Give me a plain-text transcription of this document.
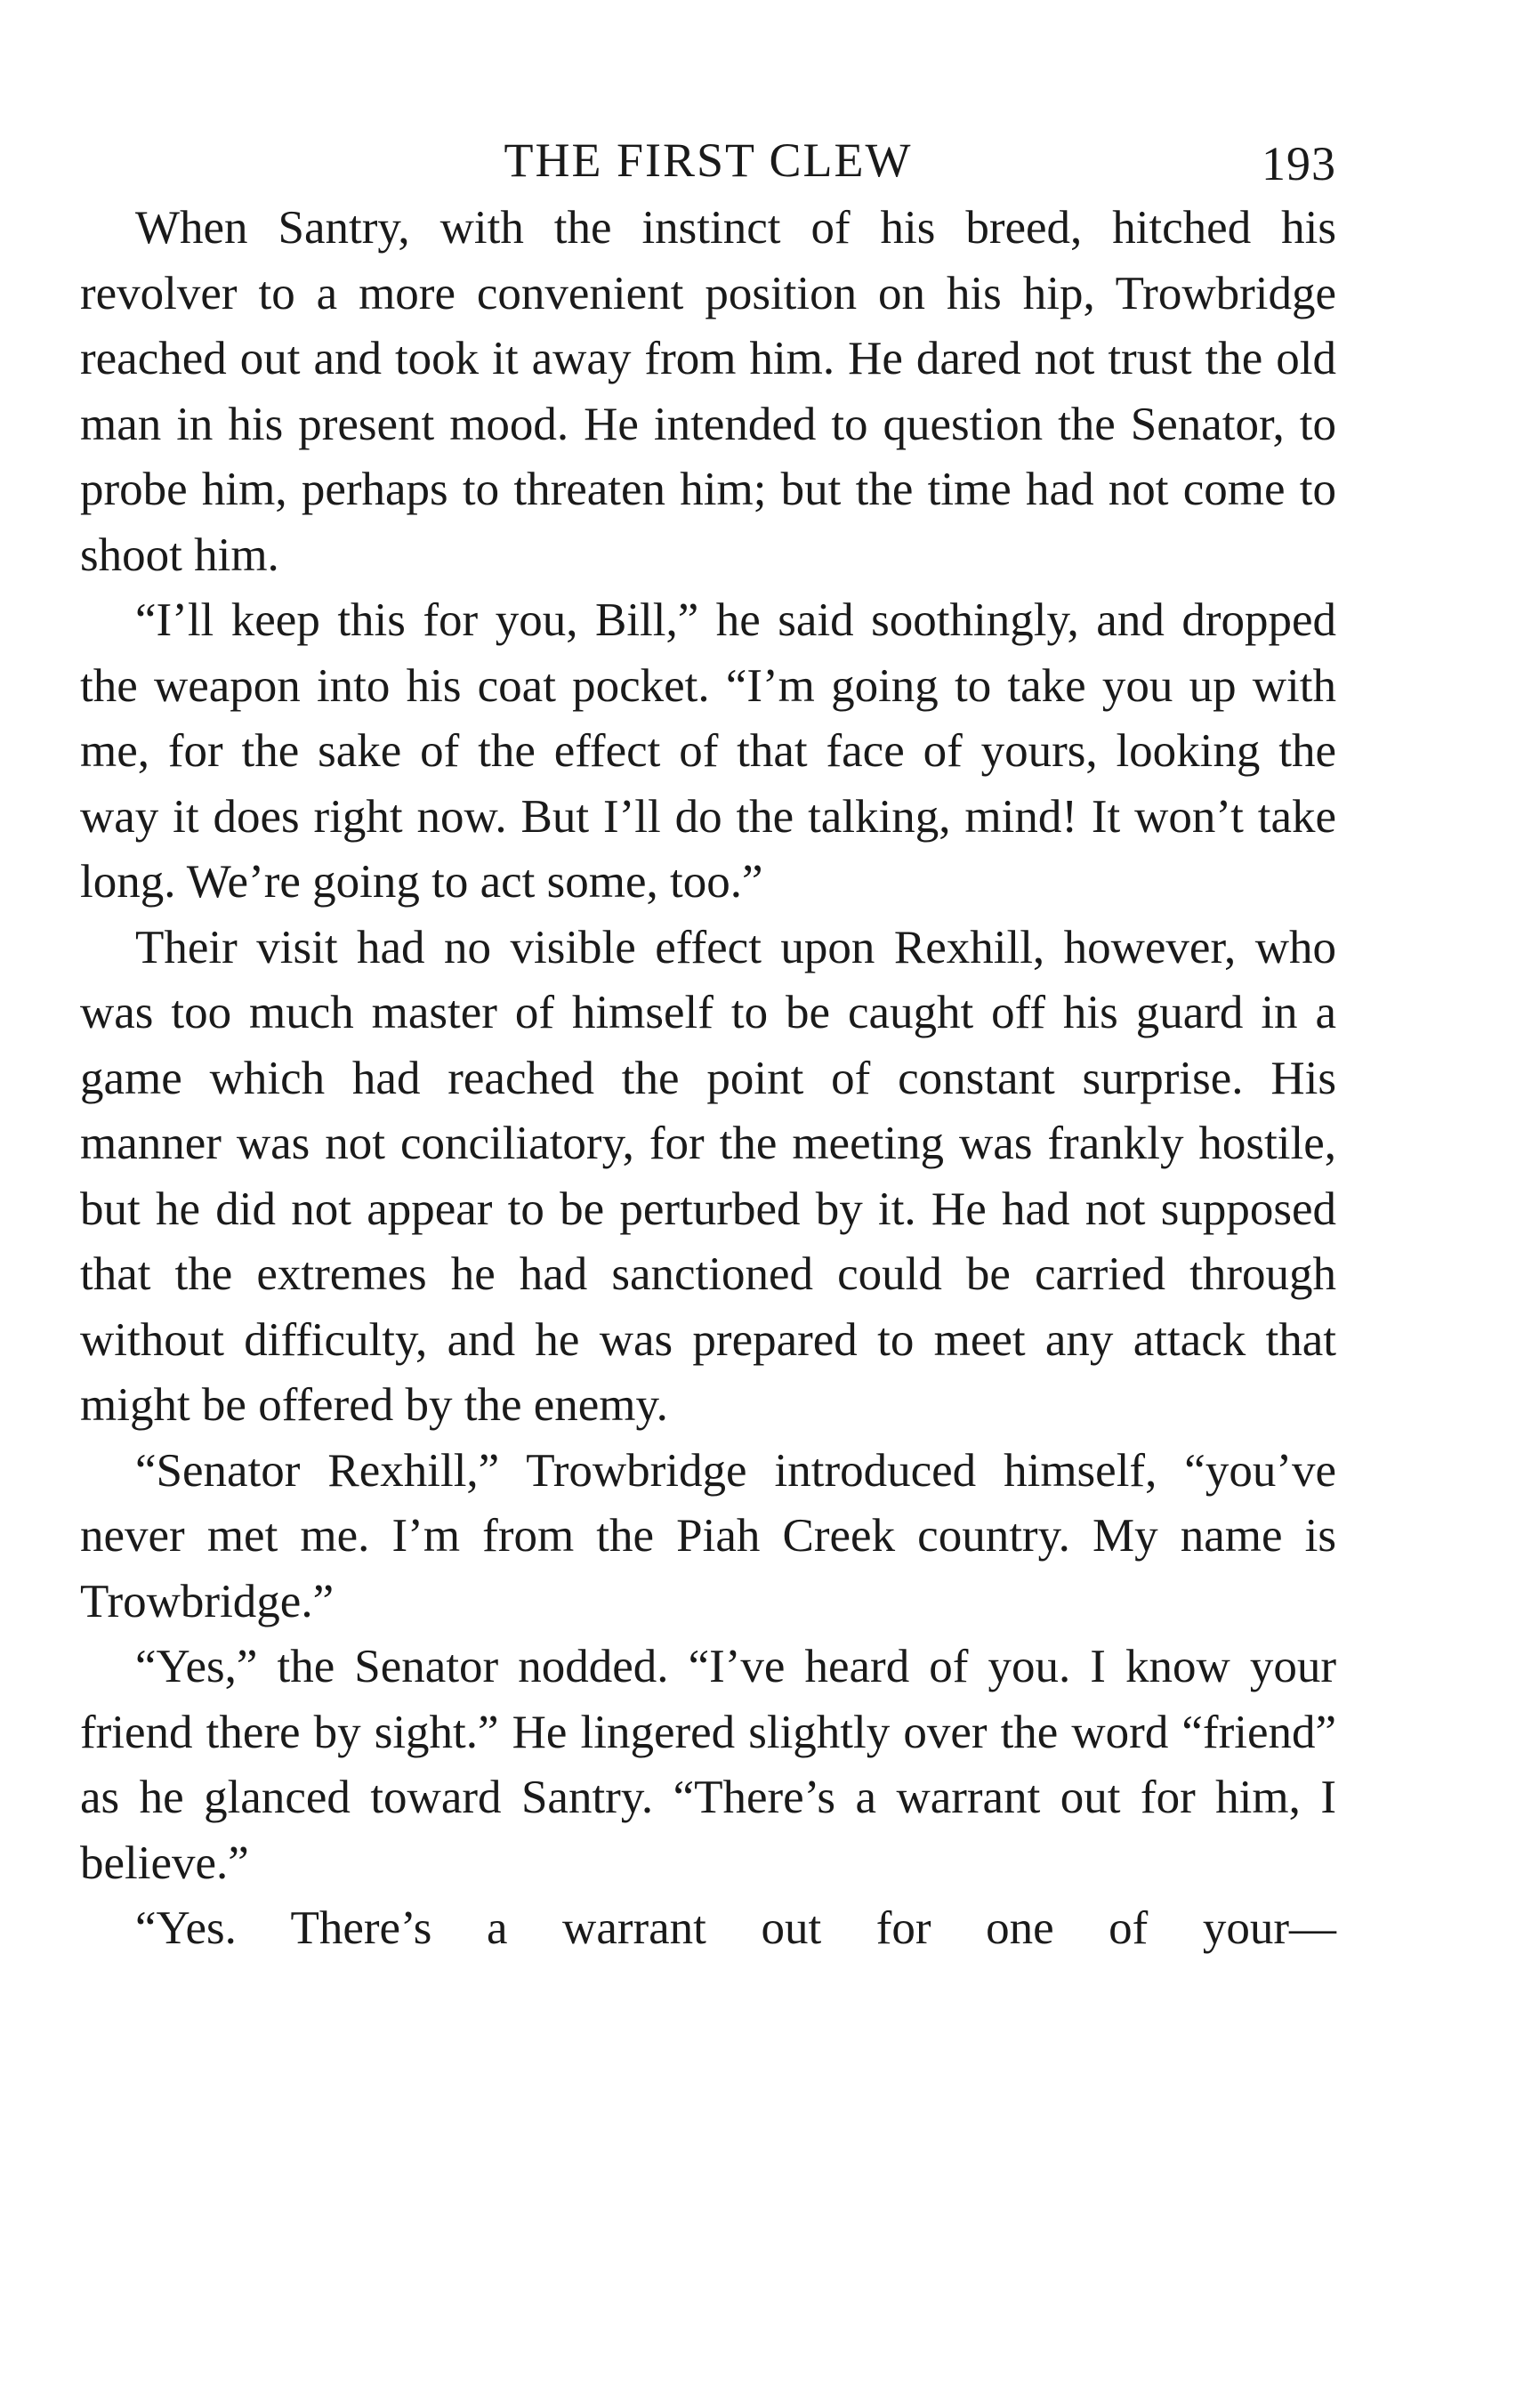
THE FIRST CLEW	193

When Santry, with the instinct of his breed, hitched his revolver to a more convenient position on his hip, Trowbridge reached out and took it away from him. He dared not trust the old man in his present mood. He intended to question the Senator, to probe him, perhaps to threaten him; but the time had not come to shoot him.

“I’ll keep this for you, Bill,” he said soothingly, and dropped the weapon into his coat pocket. “I’m going to take you up with me, for the sake of the effect of that face of yours, looking the way it does right now. But I’ll do the talking, mind! It won’t take long. We’re going to act some, too.”

Their visit had no visible effect upon Rexhill, however, who was too much master of himself to be caught off his guard in a game which had reached the point of constant surprise. His manner was not conciliatory, for the meeting was frankly hostile, but he did not appear to be perturbed by it. He had not supposed that the extremes he had sanctioned could be carried through without difficulty, and he was prepared to meet any attack that might be offered by the enemy.

“Senator Rexhill,” Trowbridge introduced himself, “you’ve never met me. I’m from the Piah Creek country. My name is Trowbridge.”

“Yes,” the Senator nodded. “I’ve heard of you. I know your friend there by sight.” He lingered slightly over the word “friend” as he glanced toward Santry. “There’s a warrant out for him, I believe.”

“Yes. There’s a warrant out for one of your—
